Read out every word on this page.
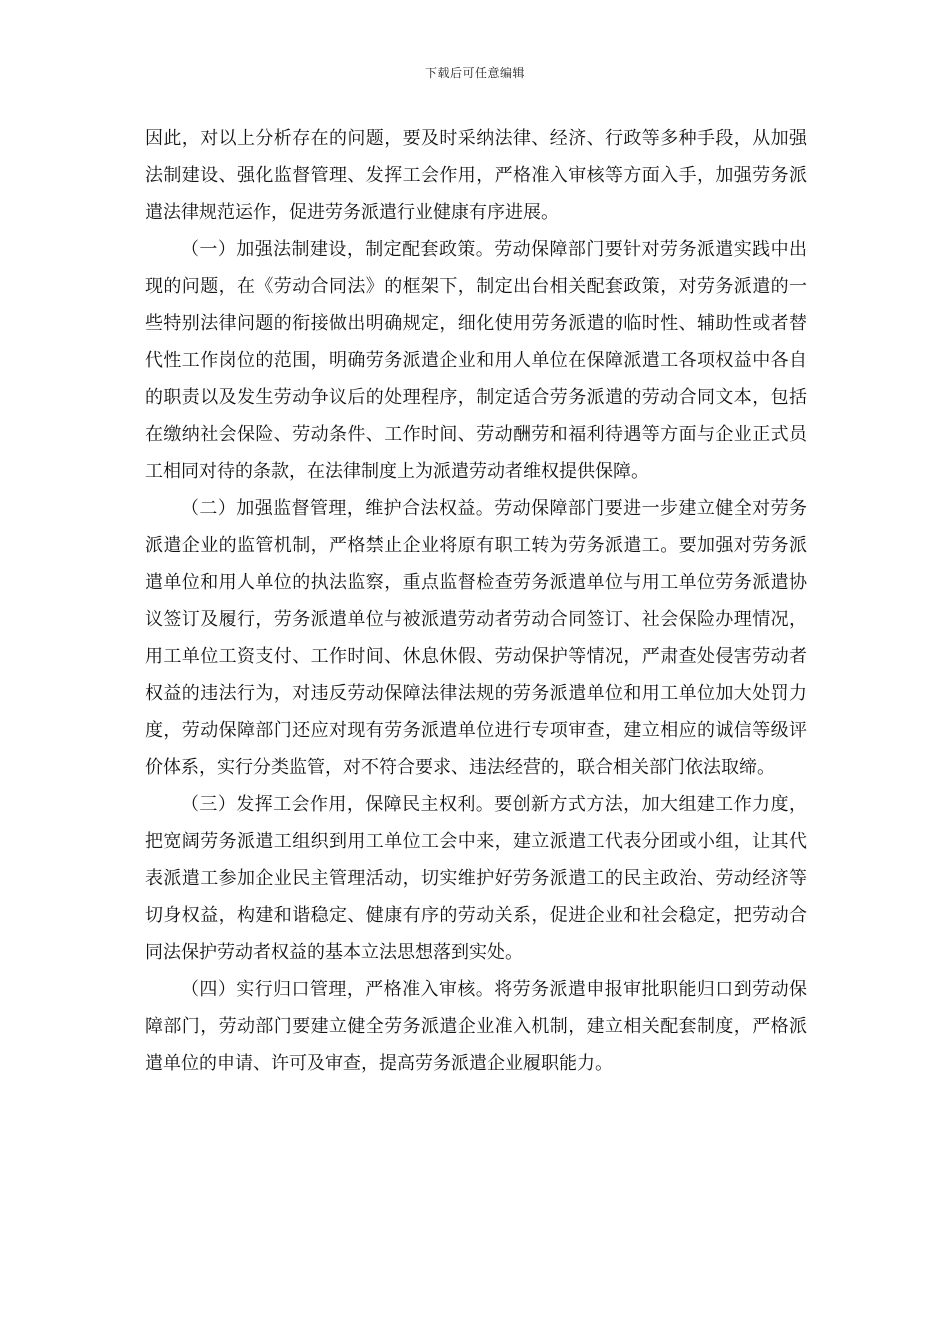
下载后可任意编辑

因此，对以上分析存在的问题，要及时采纳法律、经济、行政等多种手段，从加强法制建设、强化监督管理、发挥工会作用，严格准入审核等方面入手，加强劳务派遣法律规范运作，促进劳务派遣行业健康有序进展。

（一）加强法制建设，制定配套政策。劳动保障部门要针对劳务派遣实践中出现的问题，在《劳动合同法》的框架下，制定出台相关配套政策，对劳务派遣的一些特别法律问题的衔接做出明确规定，细化使用劳务派遣的临时性、辅助性或者替代性工作岗位的范围，明确劳务派遣企业和用人单位在保障派遣工各项权益中各自的职责以及发生劳动争议后的处理程序，制定适合劳务派遣的劳动合同文本，包括在缴纳社会保险、劳动条件、工作时间、劳动酬劳和福利待遇等方面与企业正式员工相同对待的条款，在法律制度上为派遣劳动者维权提供保障。

（二）加强监督管理，维护合法权益。劳动保障部门要进一步建立健全对劳务派遣企业的监管机制，严格禁止企业将原有职工转为劳务派遣工。要加强对劳务派遣单位和用人单位的执法监察，重点监督检查劳务派遣单位与用工单位劳务派遣协议签订及履行，劳务派遣单位与被派遣劳动者劳动合同签订、社会保险办理情况，用工单位工资支付、工作时间、休息休假、劳动保护等情况，严肃查处侵害劳动者权益的违法行为，对违反劳动保障法律法规的劳务派遣单位和用工单位加大处罚力度，劳动保障部门还应对现有劳务派遣单位进行专项审查，建立相应的诚信等级评价体系，实行分类监管，对不符合要求、违法经营的，联合相关部门依法取缔。

（三）发挥工会作用，保障民主权利。要创新方式方法，加大组建工作力度，把宽阔劳务派遣工组织到用工单位工会中来，建立派遣工代表分团或小组，让其代表派遣工参加企业民主管理活动，切实维护好劳务派遣工的民主政治、劳动经济等切身权益，构建和谐稳定、健康有序的劳动关系，促进企业和社会稳定，把劳动合同法保护劳动者权益的基本立法思想落到实处。

（四）实行归口管理，严格准入审核。将劳务派遣申报审批职能归口到劳动保障部门，劳动部门要建立健全劳务派遣企业准入机制，建立相关配套制度，严格派遣单位的申请、许可及审查，提高劳务派遣企业履职能力。
